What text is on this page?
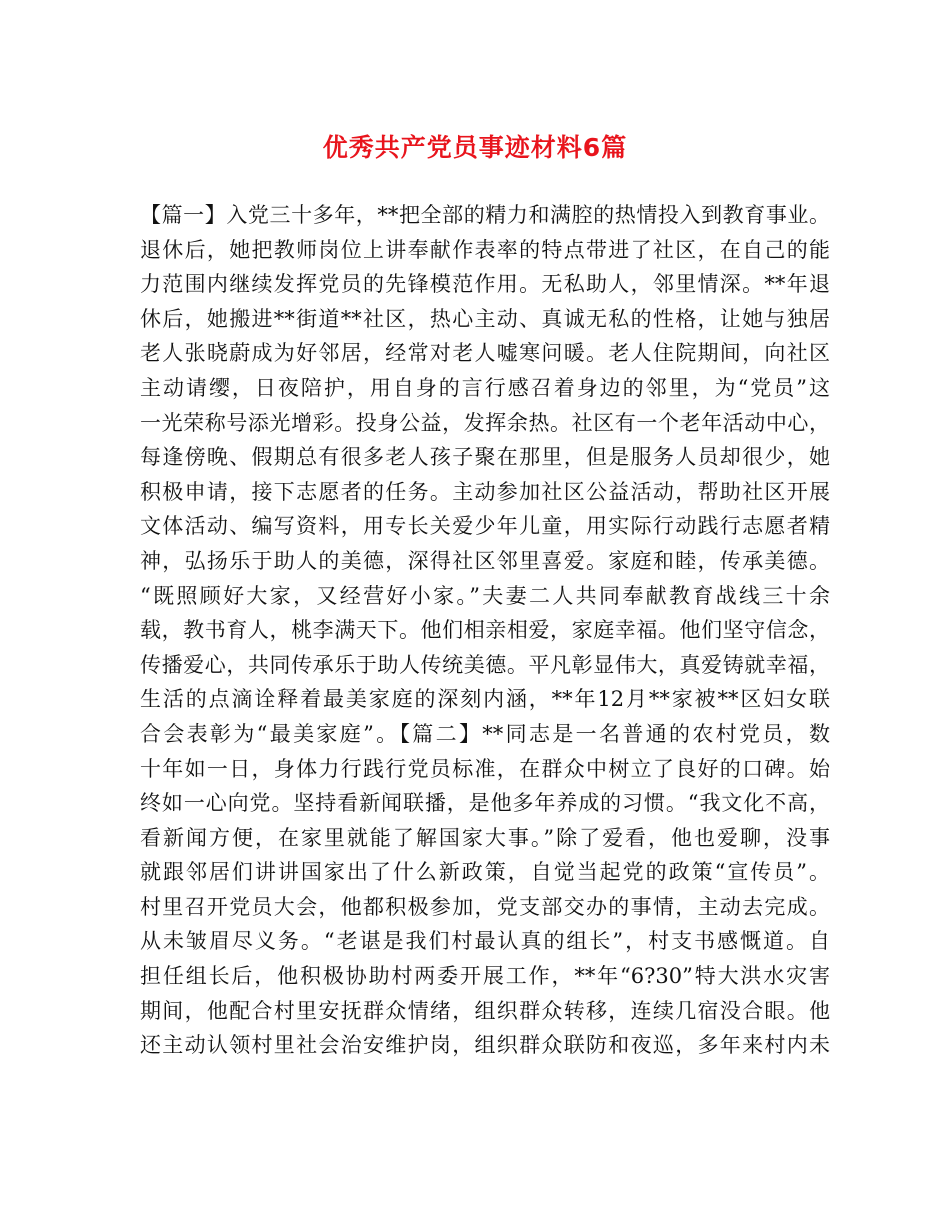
优秀共产党员事迹材料6篇
【篇一】入党三十多年，**把全部的精力和满腔的热情投入到教育事业。
退休后，她把教师岗位上讲奉献作表率的特点带进了社区，在自己的能
力范围内继续发挥党员的先锋模范作用。无私助人，邻里情深。**年退
休后，她搬进**街道**社区，热心主动、真诚无私的性格，让她与独居
老人张晓蔚成为好邻居，经常对老人嘘寒问暖。老人住院期间，向社区
主动请缨，日夜陪护，用自身的言行感召着身边的邻里，为“党员”这
一光荣称号添光增彩。投身公益，发挥余热。社区有一个老年活动中心，
每逢傍晚、假期总有很多老人孩子聚在那里，但是服务人员却很少，她
积极申请，接下志愿者的任务。主动参加社区公益活动，帮助社区开展
文体活动、编写资料，用专长关爱少年儿童，用实际行动践行志愿者精
神，弘扬乐于助人的美德，深得社区邻里喜爱。家庭和睦，传承美德。
“既照顾好大家，又经营好小家。”夫妻二人共同奉献教育战线三十余
载，教书育人，桃李满天下。他们相亲相爱，家庭幸福。他们坚守信念，
传播爱心，共同传承乐于助人传统美德。平凡彰显伟大，真爱铸就幸福，
生活的点滴诠释着最美家庭的深刻内涵，**年12月**家被**区妇女联
合会表彰为“最美家庭”。【篇二】**同志是一名普通的农村党员，数
十年如一日，身体力行践行党员标准，在群众中树立了良好的口碑。始
终如一心向党。坚持看新闻联播，是他多年养成的习惯。“我文化不高，
看新闻方便，在家里就能了解国家大事。”除了爱看，他也爱聊，没事
就跟邻居们讲讲国家出了什么新政策，自觉当起党的政策“宣传员”。
村里召开党员大会，他都积极参加，党支部交办的事情，主动去完成。
从未皱眉尽义务。“老谌是我们村最认真的组长”，村支书感慨道。自
担任组长后，他积极协助村两委开展工作，**年“6?30”特大洪水灾害
期间，他配合村里安抚群众情绪，组织群众转移，连续几宿没合眼。他
还主动认领村里社会治安维护岗，组织群众联防和夜巡，多年来村内未
